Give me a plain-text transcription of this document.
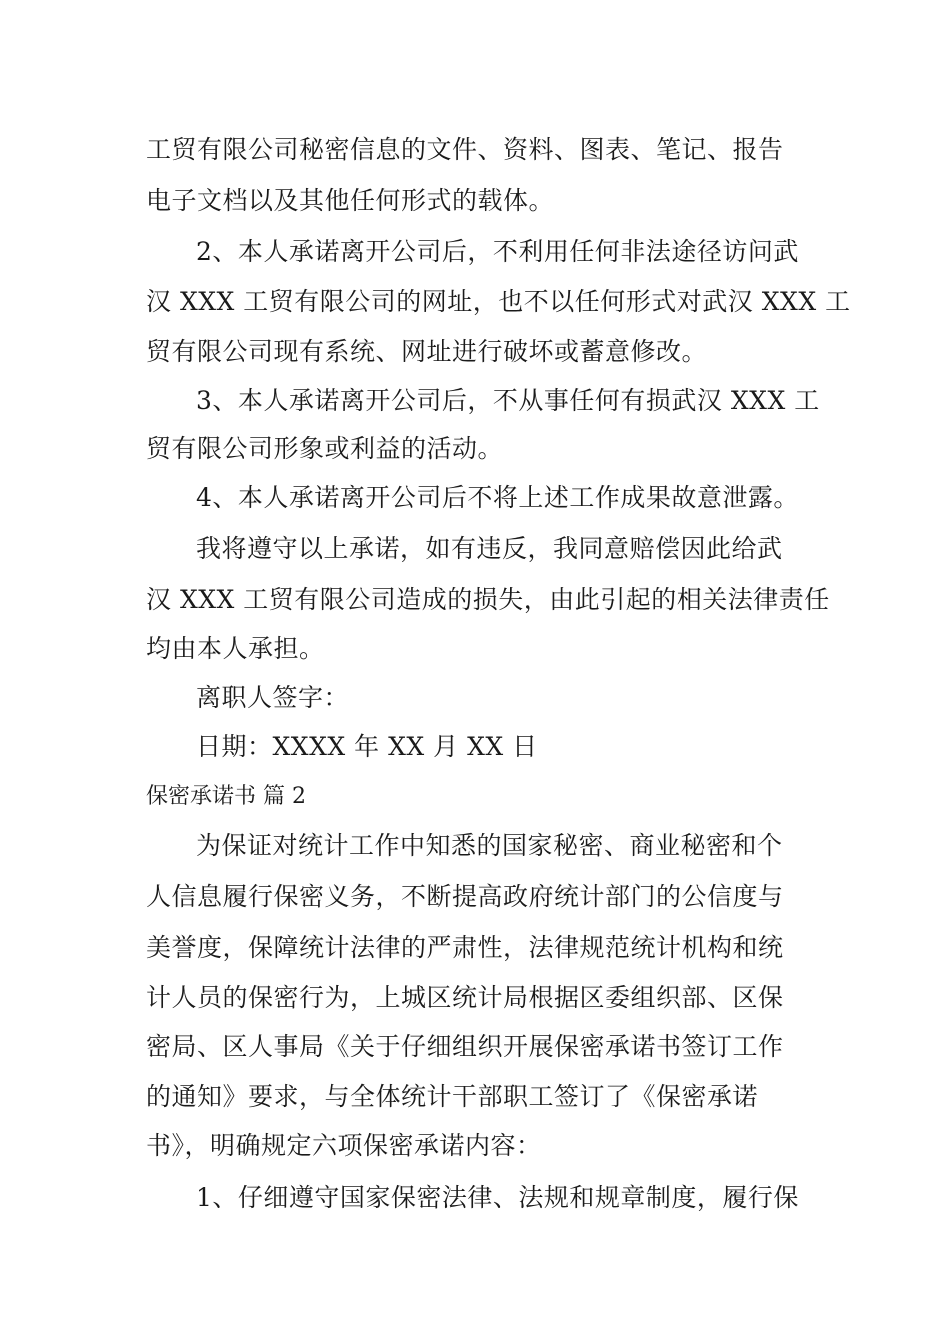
工贸有限公司秘密信息的文件、资料、图表、笔记、报告
电子文档以及其他任何形式的载体。
2、本人承诺离开公司后，不利用任何非法途径访问武
汉 XXX 工贸有限公司的网址，也不以任何形式对武汉 XXX 工
贸有限公司现有系统、网址进行破坏或蓄意修改。
3、本人承诺离开公司后，不从事任何有损武汉 XXX 工
贸有限公司形象或利益的活动。
4、本人承诺离开公司后不将上述工作成果故意泄露。
我将遵守以上承诺，如有违反，我同意赔偿因此给武
汉 XXX 工贸有限公司造成的损失，由此引起的相关法律责任
均由本人承担。
离职人签字：
日期：XXXX 年 XX 月 XX 日
保密承诺书 篇 2
为保证对统计工作中知悉的国家秘密、商业秘密和个
人信息履行保密义务，不断提高政府统计部门的公信度与
美誉度，保障统计法律的严肃性，法律规范统计机构和统
计人员的保密行为，上城区统计局根据区委组织部、区保
密局、区人事局《关于仔细组织开展保密承诺书签订工作
的通知》要求，与全体统计干部职工签订了《保密承诺
书》，明确规定六项保密承诺内容：
1、仔细遵守国家保密法律、法规和规章制度，履行保
